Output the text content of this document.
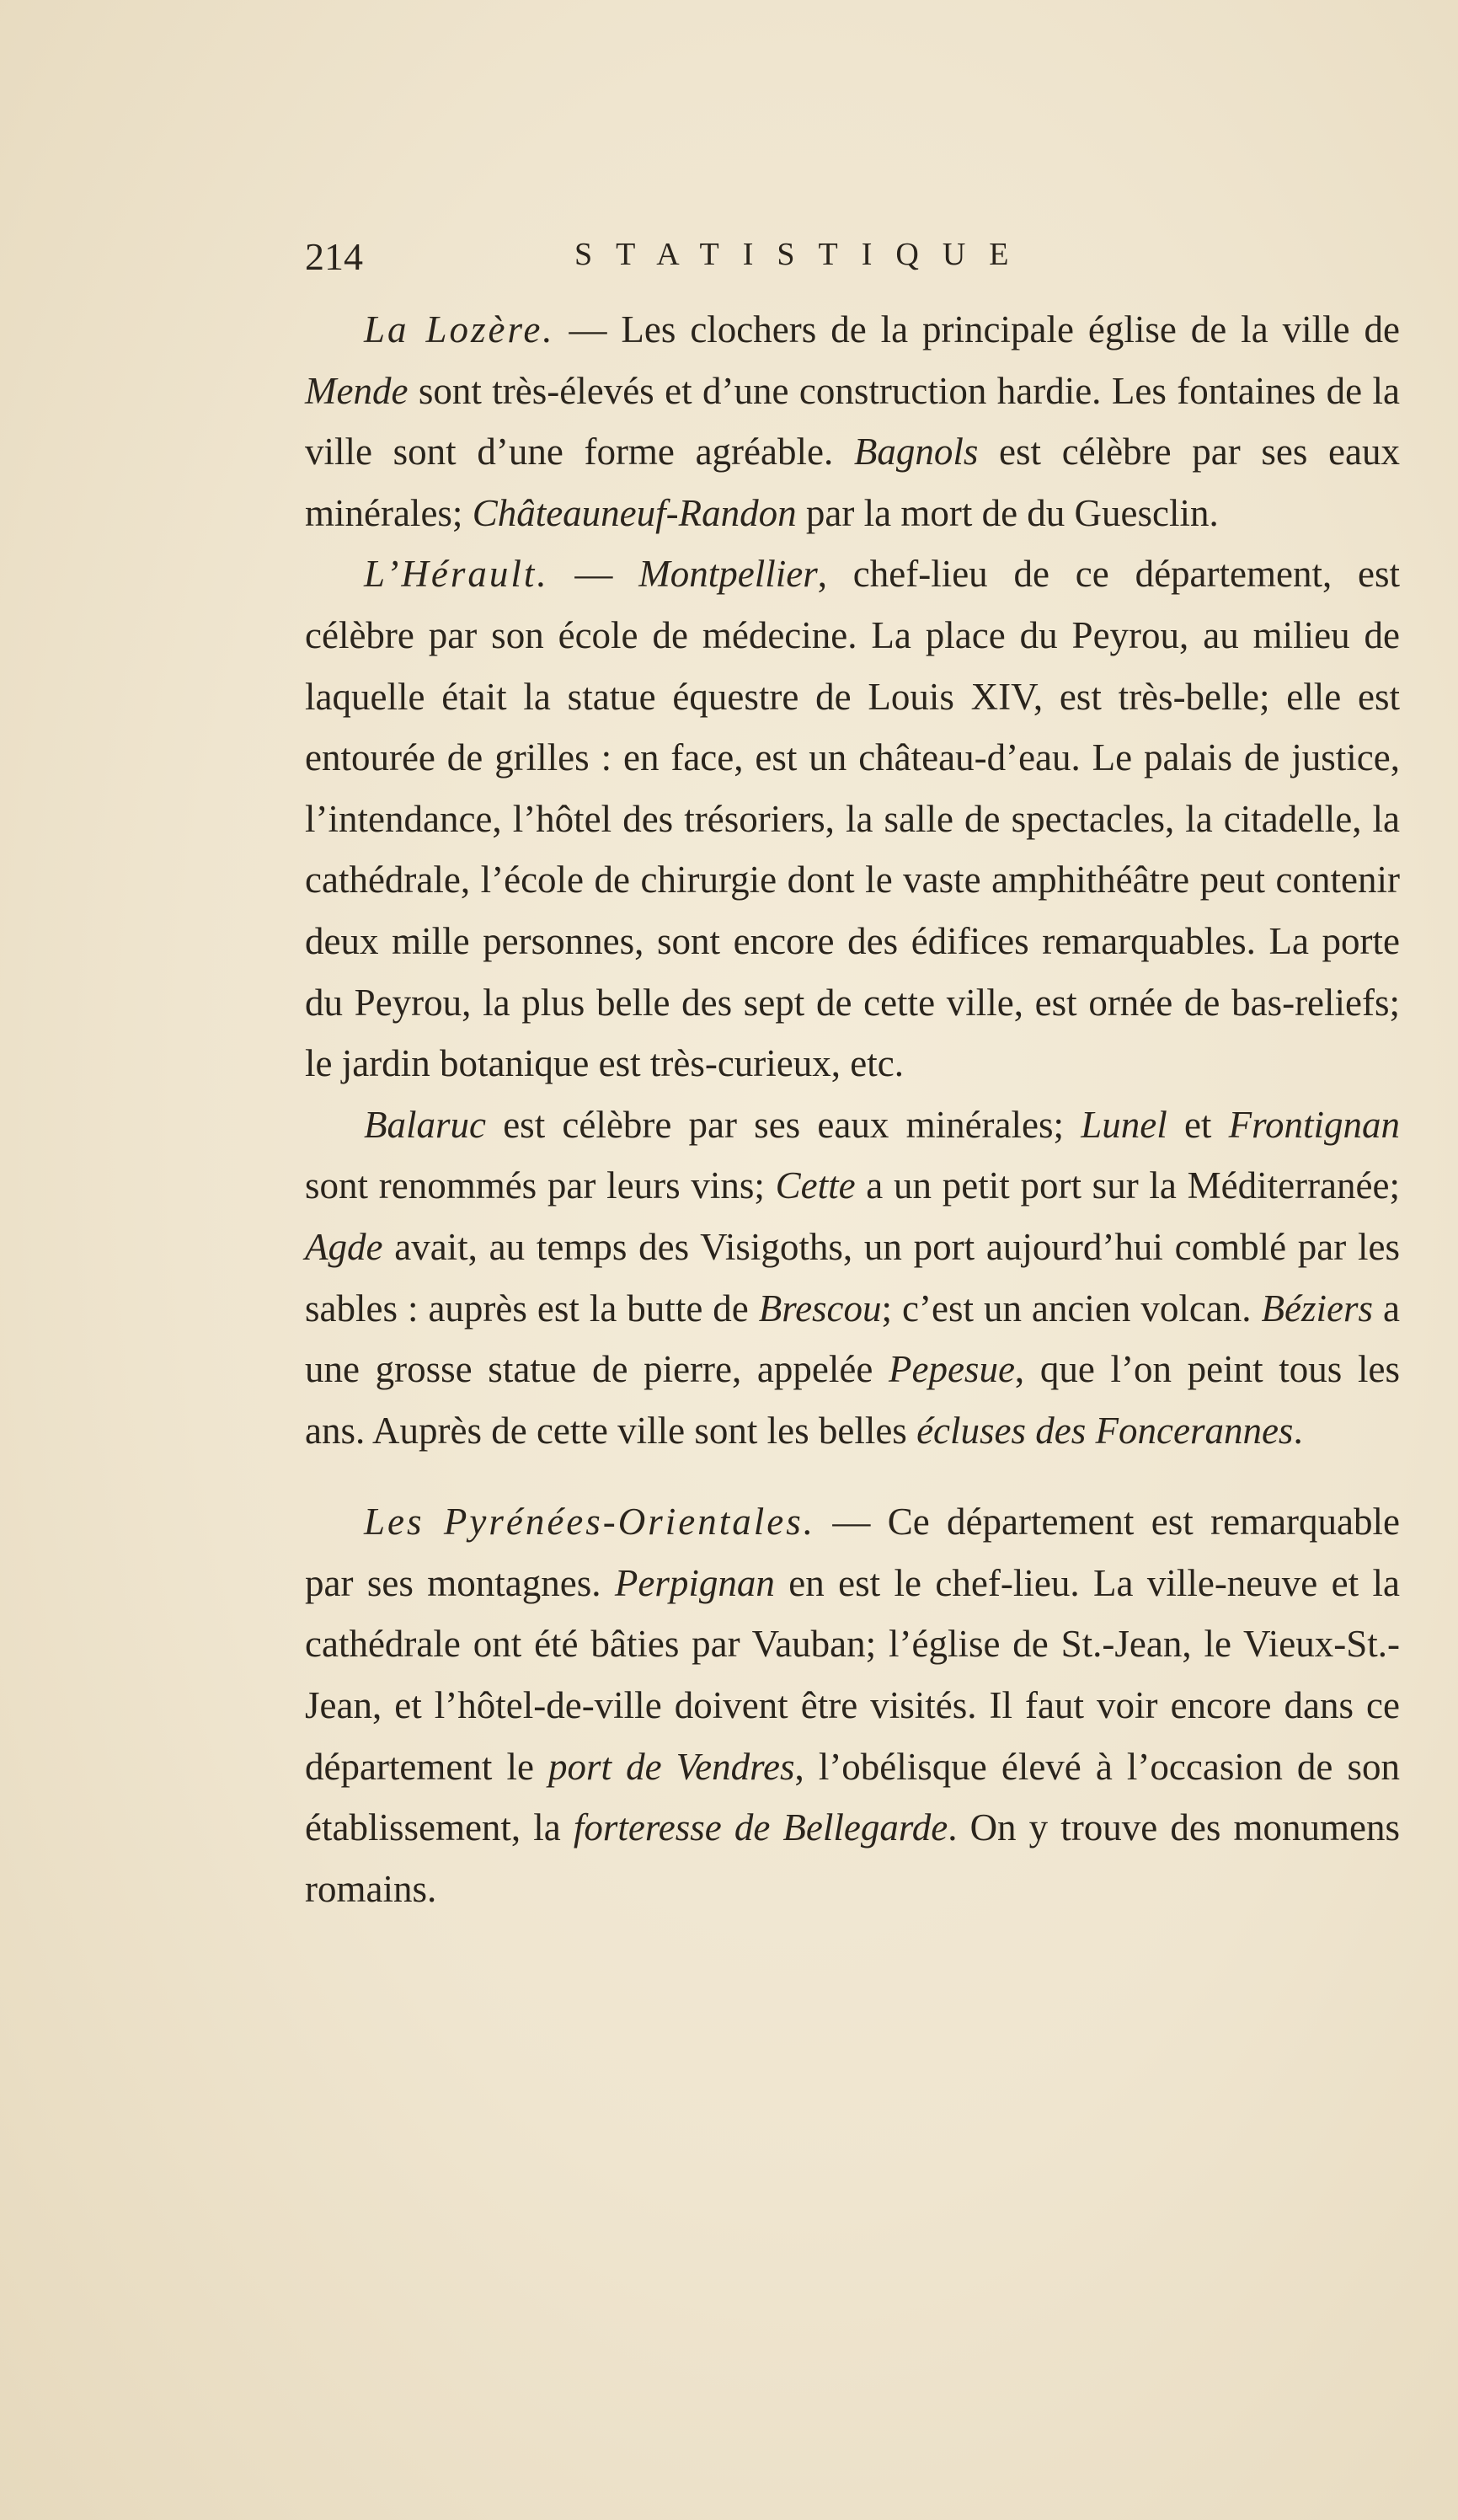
214	STATISTIQUE

La Lozère. — Les clochers de la principale église de la ville de Mende sont très-élevés et d’une construction hardie. Les fontaines de la ville sont d’une forme agréable. Bagnols est célèbre par ses eaux minérales; Châteauneuf-Randon par la mort de du Guesclin.

L’Hérault. — Montpellier, chef-lieu de ce département, est célèbre par son école de médecine. La place du Peyrou, au milieu de laquelle était la statue équestre de Louis XIV, est très-belle; elle est entourée de grilles : en face, est un château-d’eau. Le palais de justice, l’intendance, l’hôtel des trésoriers, la salle de spectacles, la citadelle, la cathédrale, l’école de chirurgie dont le vaste amphithéâtre peut contenir deux mille personnes, sont encore des édifices remarquables. La porte du Peyrou, la plus belle des sept de cette ville, est ornée de bas-reliefs; le jardin botanique est très-curieux, etc.

Balaruc est célèbre par ses eaux minérales; Lunel et Frontignan sont renommés par leurs vins; Cette a un petit port sur la Méditerranée; Agde avait, au temps des Visigoths, un port aujourd’hui comblé par les sables : auprès est la butte de Brescou; c’est un ancien volcan. Béziers a une grosse statue de pierre, appelée Pepesue, que l’on peint tous les ans. Auprès de cette ville sont les belles écluses des Foncerannes.

Les Pyrénées-Orientales. — Ce département est remarquable par ses montagnes. Perpignan en est le chef-lieu. La ville-neuve et la cathédrale ont été bâties par Vauban; l’église de St.-Jean, le Vieux-St.-Jean, et l’hôtel-de-ville doivent être visités. Il faut voir encore dans ce département le port de Vendres, l’obélisque élevé à l’occasion de son établissement, la forteresse de Bellegarde. On y trouve des monumens romains.
